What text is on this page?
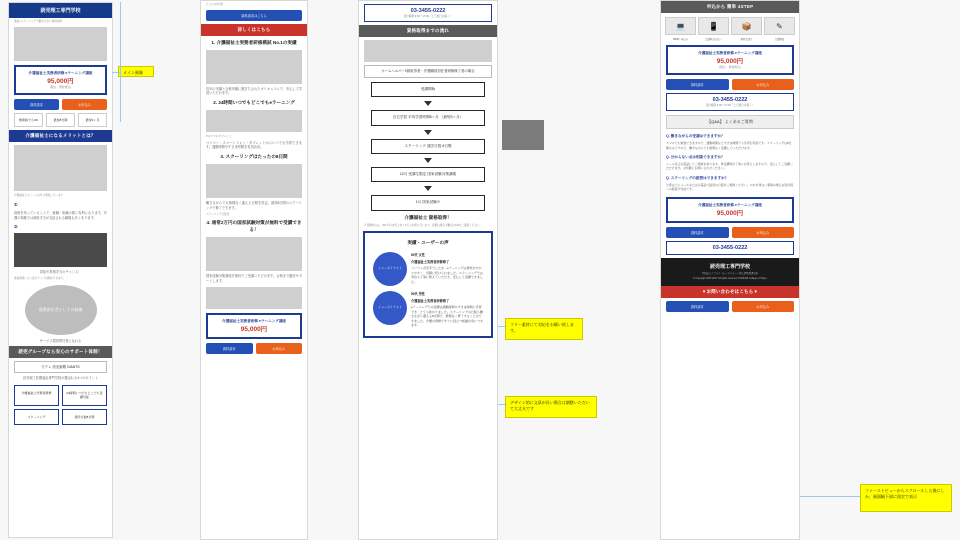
読売理工専門学校
通信+スクーリングで働きながら資格取得
介護福祉士実務者研修 eラーニング講座
95,000円
(税込・教材費込)
資料請求	お申込み
無資格でもOK	最短8日間	最短3ヶ月
介護福祉士になるメリットとは？
介護福祉士の二ーズは年々増加しています
①
資格を持っていることで、就職・転職の際に有利になります。介護の現場では資格手当が支給される職場も多くあります。
②
昇給や昇格手当のチャンス！
資格取得により給与アップが期待できます。
現場責任者としての画像
サービス提供責任者になれる
読売グループなら安心のサポート体制！
⑥テレ 読売新聞 GIANTS
読売理工医療福祉専門学校が選ばれる4つのポイント
介護福祉士実務者研修	24時間いつでもどこでも受講可能
スクーリング	通学日数8日間
たったの8日間
資料請求はこちら
詳しくはこちら
1. 介護福祉士実務者研修模試 No.1の実績
長年の実績と合格実績に裏打ちされたカリキュラムで、安心して学習いただけます。
2. 24時間いつでもどこでもeラーニング
PC/スマホ/タブレット
パソコン・スマートフォン・タブレットからいつでも学習できます。通勤時間やすきま時間を有効活用。
3. スクーリングはたったの8日間
働きながらでも無理なく通える日程を設定。最短8日間のスクーリングで修了できます。
スクーリング日程表
4. 通常2万円の国家試験対策が無料で受講できる！
国家試験対策講座を無料でご受講いただけます。合格まで徹底サポートします。
介護福祉士実務者研修 eラーニング講座
95,000円
資料請求	お申込み
03-3455-0222
受付時間 9:00〜17:00（土日祝日を除く）
資格取得までの流れ
ホームヘルパー2級取得者・介護職員初任者研修修了者の場合
受講開始
自宅学習 平均学習時間8ヶ月 （最短3ヶ月）
スクーリング 通学日数 8日間
12月 受講生限定 国家試験対策講義
1月 国家試験※
介護福祉士 資格取得！
※受験申込は、2017年の8月上旬〜9月上旬頃に行います。詳細は厚生労働省のHPをご確認ください。
実績・ユーザーの声
イメージイラスト
60代 女性
介護福祉士実務者研修修了
パソコンが苦手でしたが、eラーニングは操作が分かりやすく、気軽に続けられました。スクーリングでは実技も丁寧に教えていただき、安心して受講できました。
イメージイラスト
50代 男性
介護福祉士実務者研修修了
eラーニングでの受講は通勤時間やすきま時間に学習でき、とても助かりました。スクーリングの日程も働きながら通える8日間で、無理なく修了することができました。介護の現場ですぐに役立つ知識が身につきます。
申込から 簡単 4STEP
💻
WEBで申込み
📱
受講料お支払い
📦
教材お届け
✎
受講開始
介護福祉士実務者研修 eラーニング講座
95,000円
(税込・教材費込)
資料請求	お申込み
03-3455-0222
受付時間 9:00〜17:00（土日祝日を除く）
【Q&A】 よくあるご質問
Q. 働きながらの受講はできますか？
スマホでも勉強できますので、通勤時間などすきま時間でも学習が可能です。スクーリングは8日間のみですので、働きながらでも無理なく受講していただけます。
Q. 分からない点は相談できますか？
メール及びお電話にてご相談を承ります。専任講師が丁寧にお答えしますので、安心してご受講いただけます。お気軽にお問い合わせください。
Q. スクーリングの振替はできますか？
欠席はでにメールまたはお電話で振替の日程をご相談ください。やむを得ない事情の場合は別日程への振替が可能です。
介護福祉士実務者研修 eラーニング講座
95,000円
資料請求	お申込み
03-3455-0222
読売理工専門学校
学校法人 / プライバシーポリシー / 個人情報保護方針
© Copyright 2007-2017 All rights reserved YOMIURI College of Tokyo.
▼お問い合わせはこちら▼
資料請求	お申込み
メイン画像
フリー素材にて対応をお願い致します。
デザイン的に文章が長い場合は調整いただいて大丈夫です
ファーストビューからスクロールした後にしか、画面幅下部に固定で表示
